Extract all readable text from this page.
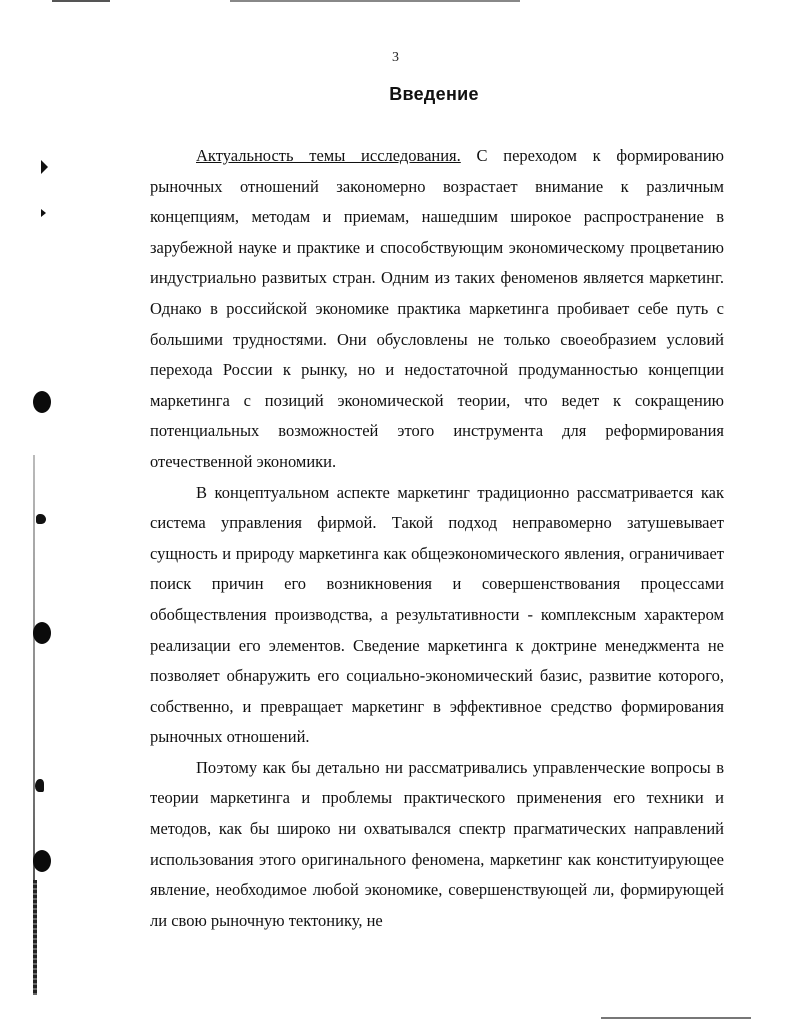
3
Введение

Актуальность темы исследования. С переходом к формированию рыночных отношений закономерно возрастает внимание к различным концепциям, методам и приемам, нашедшим широкое распространение в зарубежной науке и практике и способствующим экономическому процветанию индустриально развитых стран. Одним из таких феноменов является маркетинг. Однако в российской экономике практика маркетинга пробивает себе путь с большими трудностями. Они обусловлены не только своеобразием условий перехода России к рынку, но и недостаточной продуманностью концепции маркетинга с позиций экономической теории, что ведет к сокращению потенциальных возможностей этого инструмента для реформирования отечественной экономики.

В концептуальном аспекте маркетинг традиционно рассматривается как система управления фирмой. Такой подход неправомерно затушевывает сущность и природу маркетинга как общеэкономического явления, ограничивает поиск причин его возникновения и совершенствования процессами обобществления производства, а результативности - комплексным характером реализации его элементов. Сведение маркетинга к доктрине менеджмента не позволяет обнаружить его социально-экономический базис, развитие которого, собственно, и превращает маркетинг в эффективное средство формирования рыночных отношений.

Поэтому как бы детально ни рассматривались управленческие вопросы в теории маркетинга и проблемы практического применения его техники и методов, как бы широко ни охватывался спектр прагматических направлений использования этого оригинального феномена, маркетинг как конституирующее явление, необходимое любой экономике, совершенствующей ли, формирующей ли свою рыночную тектонику, не
